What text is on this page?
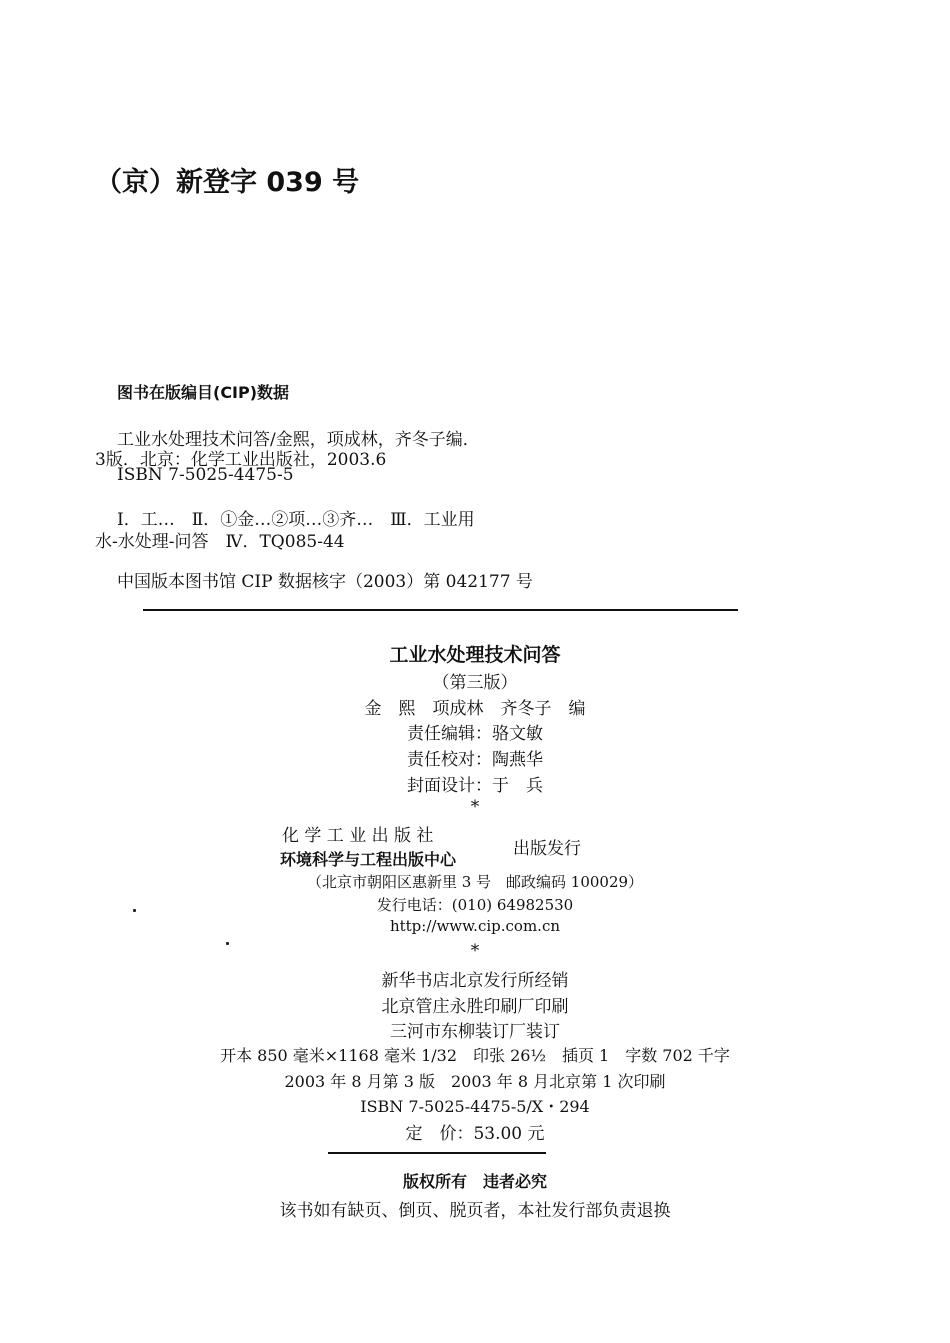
（京）新登字 039 号
图书在版编目(CIP)数据
工业水处理技术问答/金熙，项成林，齐冬子编．
3版．北京：化学工业出版社，2003.6
ISBN 7-5025-4475-5
Ⅰ．工…　Ⅱ．①金…②项…③齐…　Ⅲ．工业用
水-水处理-问答　Ⅳ．TQ085-44
中国版本图书馆 CIP 数据核字（2003）第 042177 号
工业水处理技术问答
（第三版）
金　熙　项成林　齐冬子　编
责任编辑：骆文敏
责任校对：陶燕华
封面设计：于　兵
*
化 学 工 业 出 版 社
环境科学与工程出版中心
出版发行
（北京市朝阳区惠新里 3 号　邮政编码 100029）
发行电话：(010) 64982530
http://www.cip.com.cn
*
新华书店北京发行所经销
北京管庄永胜印刷厂印刷
三河市东柳装订厂装订
开本 850 毫米×1168 毫米 1/32　印张 26½　插页 1　字数 702 千字
2003 年 8 月第 3 版　2003 年 8 月北京第 1 次印刷
ISBN 7-5025-4475-5/X・294
定　价：53.00 元
版权所有　违者必究
该书如有缺页、倒页、脱页者，本社发行部负责退换
